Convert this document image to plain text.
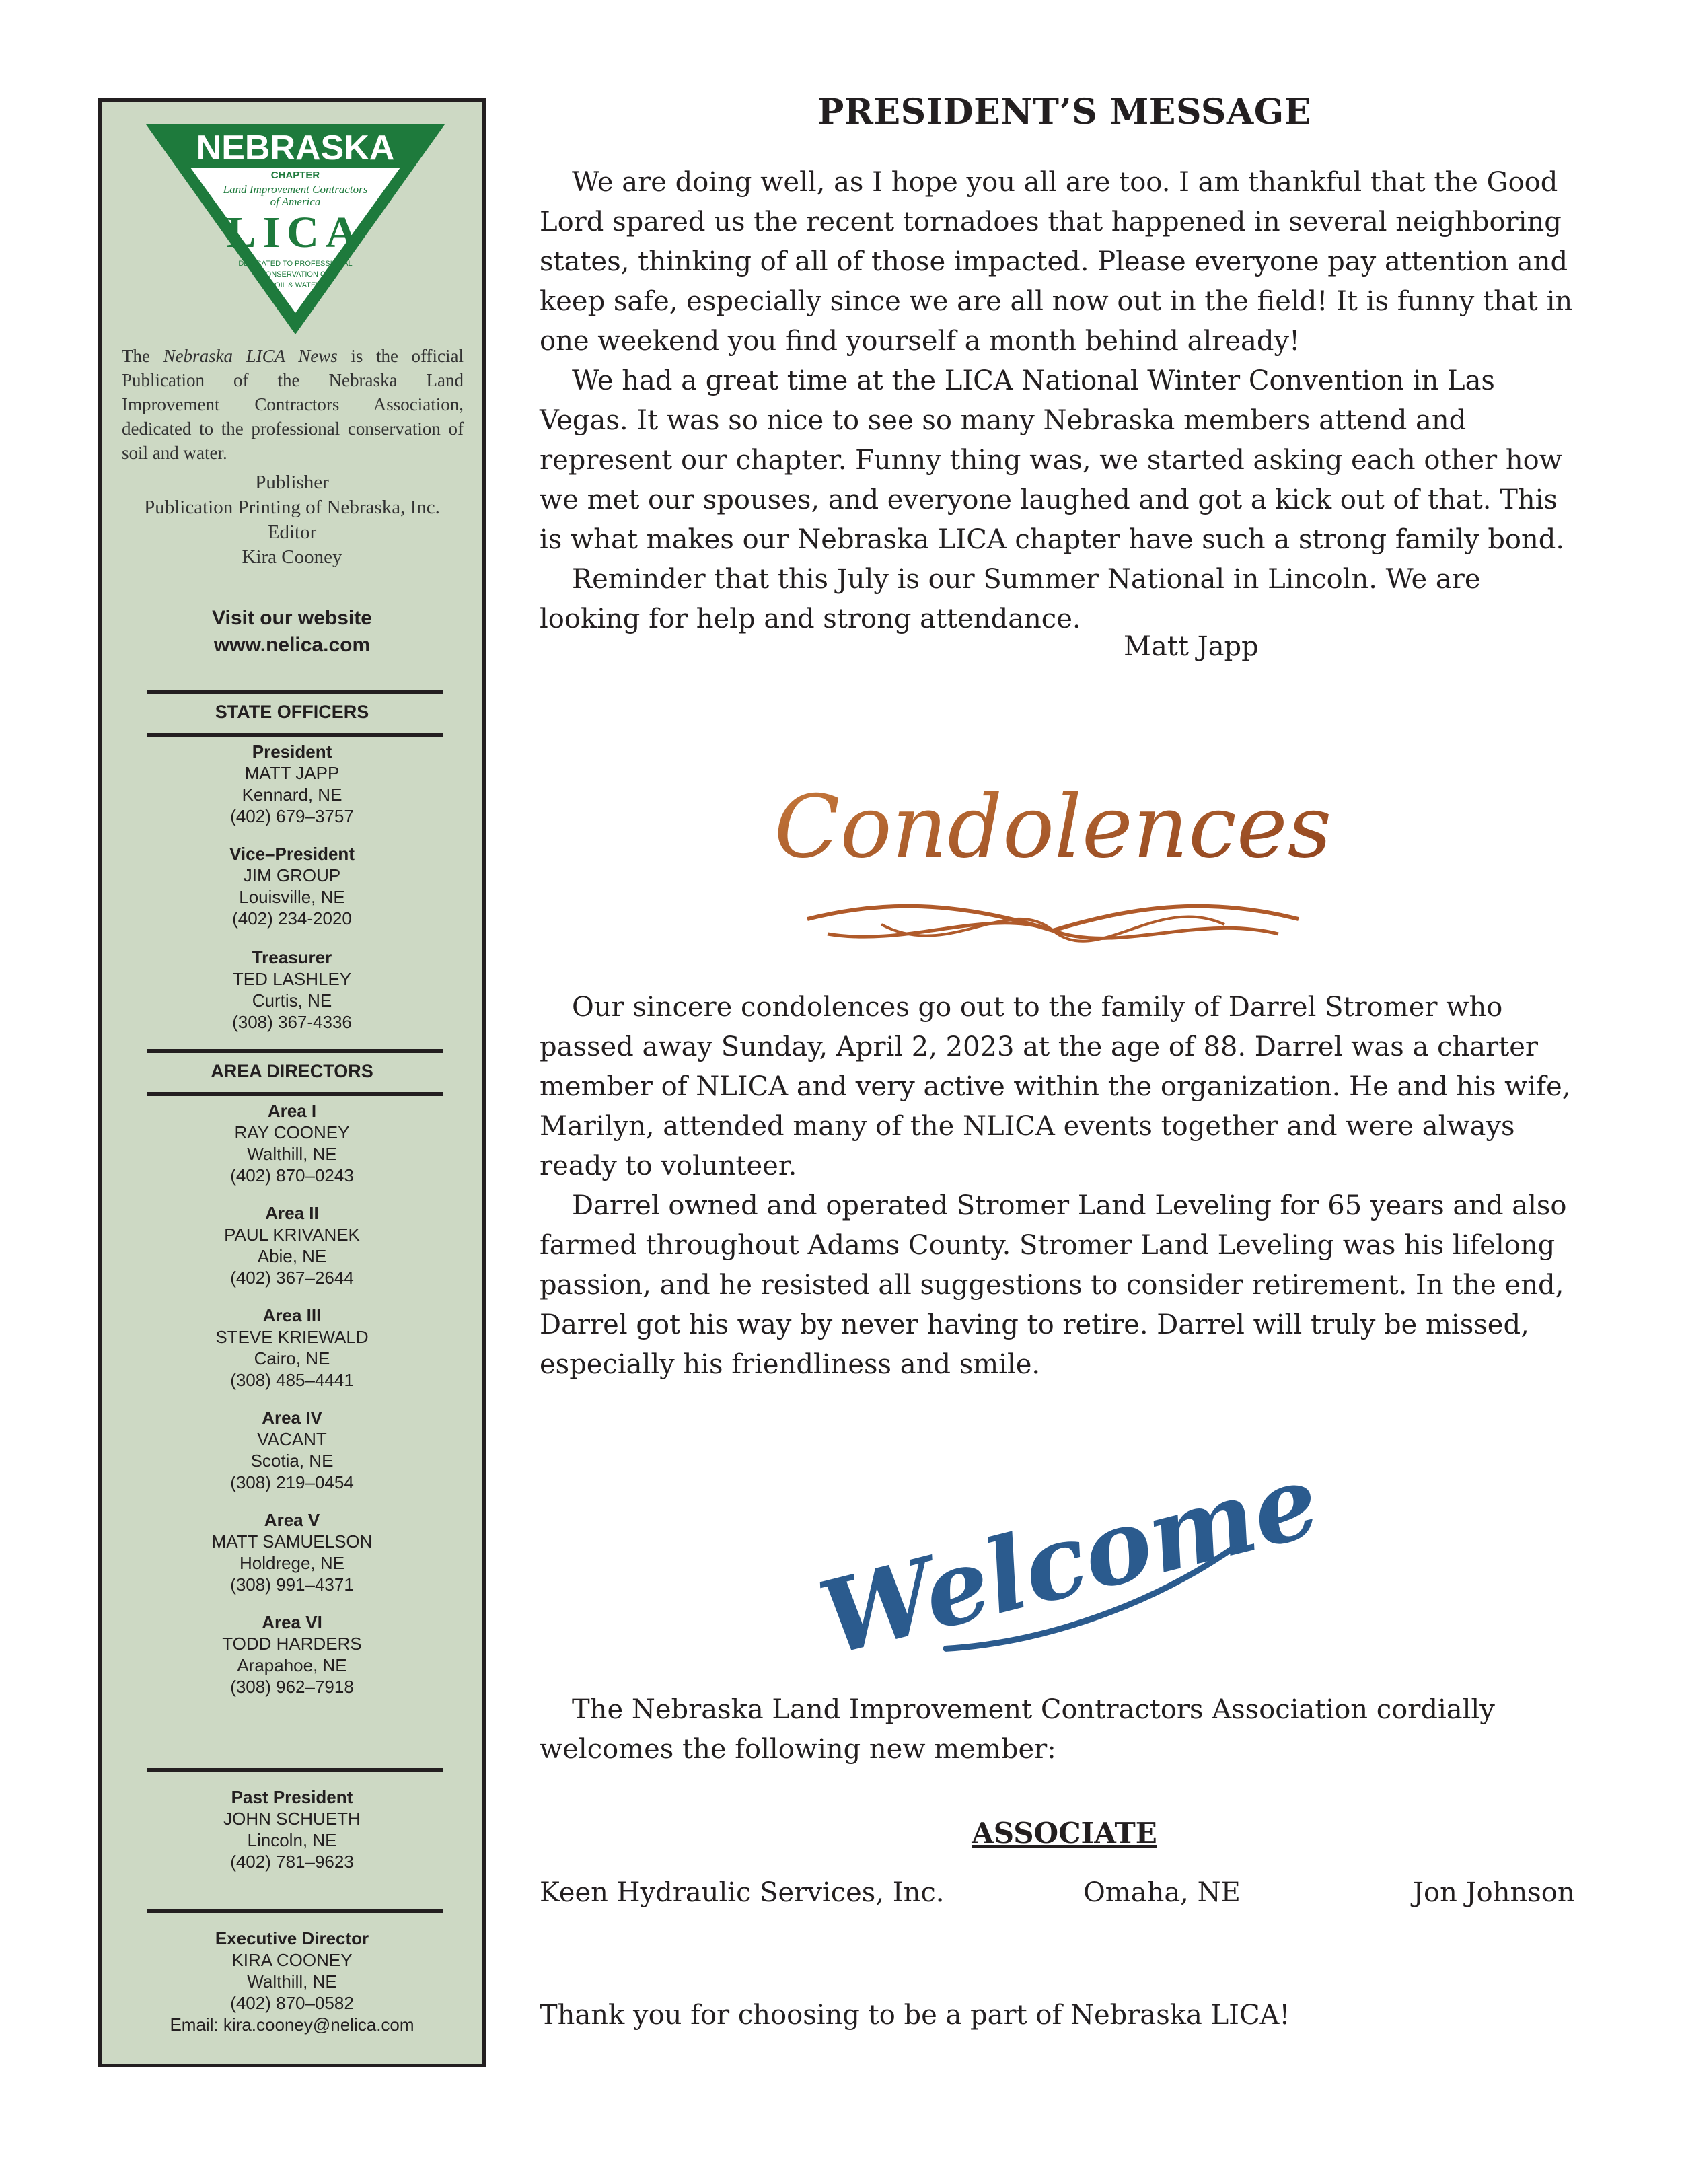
NEBRASKA
CHAPTER
Land Improvement Contractors
of America
LICA
DEDICATED TO PROFESSIONAL
CONSERVATION OF
SOIL & WATER
The Nebraska LICA News is the official Publication of the Nebraska Land Improvement Contractors Association, dedicated to the professional conservation of soil and water.
Publisher
Publication Printing of Nebraska, Inc.
Editor
Kira Cooney
Visit our website
www.nelica.com
STATE OFFICERS
President
MATT JAPP
Kennard, NE
(402) 679–3757
Vice–President
JIM GROUP
Louisville, NE
(402) 234-2020
Treasurer
TED LASHLEY
Curtis, NE
(308) 367-4336
AREA DIRECTORS
Area I
RAY COONEY
Walthill, NE
(402) 870–0243
Area II
PAUL KRIVANEK
Abie, NE
(402) 367–2644
Area III
STEVE KRIEWALD
Cairo, NE
(308) 485–4441
Area IV
VACANT
Scotia, NE
(308) 219–0454
Area V
MATT SAMUELSON
Holdrege, NE
(308) 991–4371
Area VI
TODD HARDERS
Arapahoe, NE
(308) 962–7918
Past President
JOHN SCHUETH
Lincoln, NE
(402) 781–9623
Executive Director
KIRA COONEY
Walthill, NE
(402) 870–0582
Email: kira.cooney@nelica.com
PRESIDENT’S MESSAGE

We are doing well, as I hope you all are too. I am thankful that the Good Lord spared us the recent tornadoes that happened in several neighboring states, thinking of all of those impacted. Please everyone pay attention and keep safe, especially since we are all now out in the field! It is funny that in one weekend you find yourself a month behind already!

We had a great time at the LICA National Winter Convention in Las Vegas. It was so nice to see so many Nebraska members attend and represent our chapter. Funny thing was, we started asking each other how we met our spouses, and everyone laughed and got a kick out of that. This is what makes our Nebraska LICA chapter have such a strong family bond.

Reminder that this July is our Summer National in Lincoln. We are looking for help and strong attendance.

Matt Japp
Condolences

Our sincere condolences go out to the family of Darrel Stromer who passed away Sunday, April 2, 2023 at the age of 88. Darrel was a charter member of NLICA and very active within the organization. He and his wife, Marilyn, attended many of the NLICA events together and were always ready to volunteer.

Darrel owned and operated Stromer Land Leveling for 65 years and also farmed throughout Adams County. Stromer Land Leveling was his lifelong passion, and he resisted all suggestions to consider retirement. In the end, Darrel got his way by never having to retire. Darrel will truly be missed, especially his friendliness and smile.

Welcome

The Nebraska Land Improvement Contractors Association cordially welcomes the following new member:

ASSOCIATE
Keen Hydraulic Services, Inc.	Omaha, NE	Jon Johnson
Thank you for choosing to be a part of Nebraska LICA!
